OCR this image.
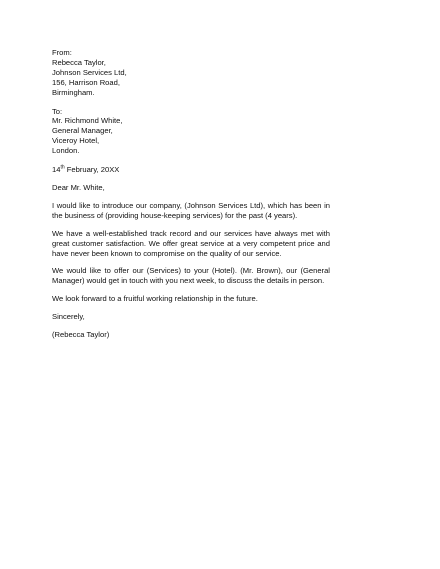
From:
Rebecca Taylor,
Johnson Services Ltd,
156, Harrison Road,
Birmingham.
To:
Mr. Richmond White,
General Manager,
Viceroy Hotel,
London.
14th February, 20XX
Dear Mr. White,

I would like to introduce our company, (Johnson Services Ltd), which has been in the business of (providing house-keeping services) for the past (4 years).

We have a well-established track record and our services have always met with great customer satisfaction. We offer great service at a very competent price and have never been known to compromise on the quality of our service.

We would like to offer our (Services) to your (Hotel). (Mr. Brown), our (General Manager) would get in touch with you next week, to discuss the details in person.

We look forward to a fruitful working relationship in the future.

Sincerely,
(Rebecca Taylor)
